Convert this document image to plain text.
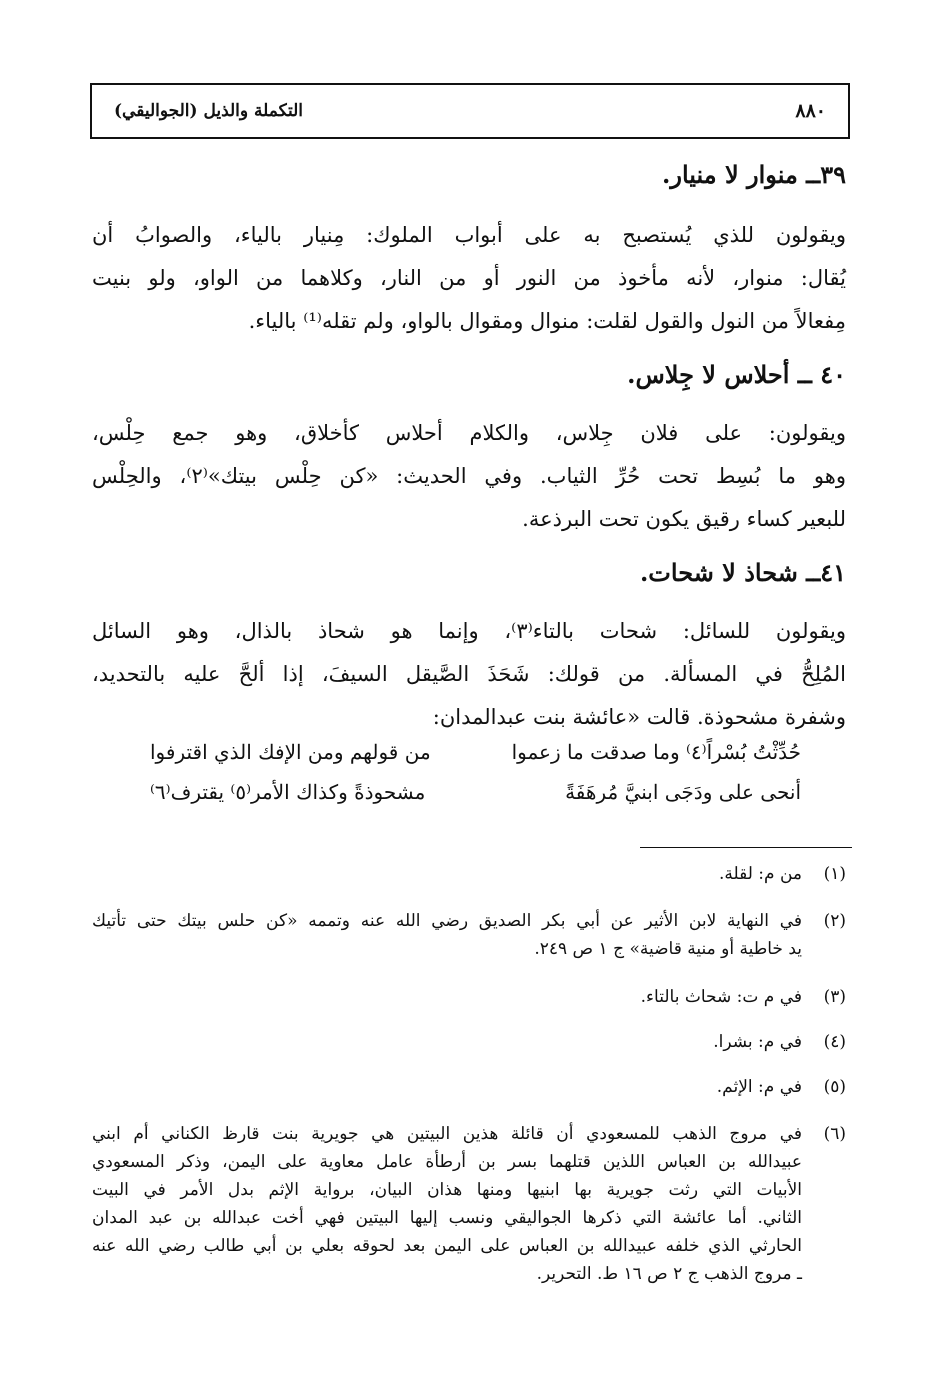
التكملة والذيل (الجواليقي)	٨٨٠
٣٩ــ منوار لا منيار.
ويقولون للذي يُستصبح به على أبواب الملوك: مِنيار بالياء، والصوابُ أن
يُقال: منوار، لأنه مأخوذ من النور أو من النار، وكلاهما من الواو، ولو بنيت
مِفعالاً من النول والقول لقلت: منوال ومقوال بالواو، ولم تقله⁽¹⁾ بالياء.
٤٠ ــ أحلاس لا جِلاس.
ويقولون: على فلان جِلاس، والكلام أحلاس كأخلاق، وهو جمع حِلْس،
وهو ما بُسِط تحت حُرِّ الثياب. وفي الحديث: «كن حِلْس بيتك»⁽٢⁾، والحِلْس
للبعير كساء رقيق يكون تحت البرذعة.
٤١ــ شحاذ لا شحات.
ويقولون للسائل: شحات بالتاء⁽٣⁾، وإنما هو شحاذ بالذال، وهو السائل
المُلِحُّ في المسألة. من قولك: شَحَذَ الصَّيقل السيفَ، إذا ألحَّ عليه بالتحديد،
وشفرة مشحوذة. قالت «عائشة بنت عبدالمدان:
حُدِّثْتُ بُسْراً⁽٤⁾ وما صدقت ما زعموا
من قولهم ومن الإفك الذي اقترفوا
أنحى على ودَجَى ابنيَّ مُرهَفَةً
مشحوذةً وكذاك الأمر⁽٥⁾ يقترف⁽٦⁾
(١)
من م: لقلة.
(٢)
في النهاية لابن الأثير عن أبي بكر الصديق رضي الله عنه وتممه «كن حلس بيتك حتى تأتيك
يد خاطية أو منية قاضية» ج ١ ص ٢٤٩.
(٣)
في م ت: شحاث بالتاء.
(٤)
في م: بشرا.
(٥)
في م: الإثم.
(٦)
في مروج الذهب للمسعودي أن قائلة هذين البيتين هي جويرية بنت قارظ الكناني أم ابني
عبيدالله بن العباس اللذين قتلهما بسر بن أرطأة عامل معاوية على اليمن، وذكر المسعودي
الأبيات التي رثت جويرية بها ابنيها ومنها هذان البيان، برواية الإثم بدل الأمر في البيت
الثاني. أما عائشة التي ذكرها الجواليقي ونسب إليها البيتين فهي أخت عبدالله بن عبد المدان
الحارثي الذي خلفه عبيدالله بن العباس على اليمن بعد لحوقه بعلي بن أبي طالب رضي الله عنه
ـ مروج الذهب ج ٢ ص ١٦ ط. التحرير.
